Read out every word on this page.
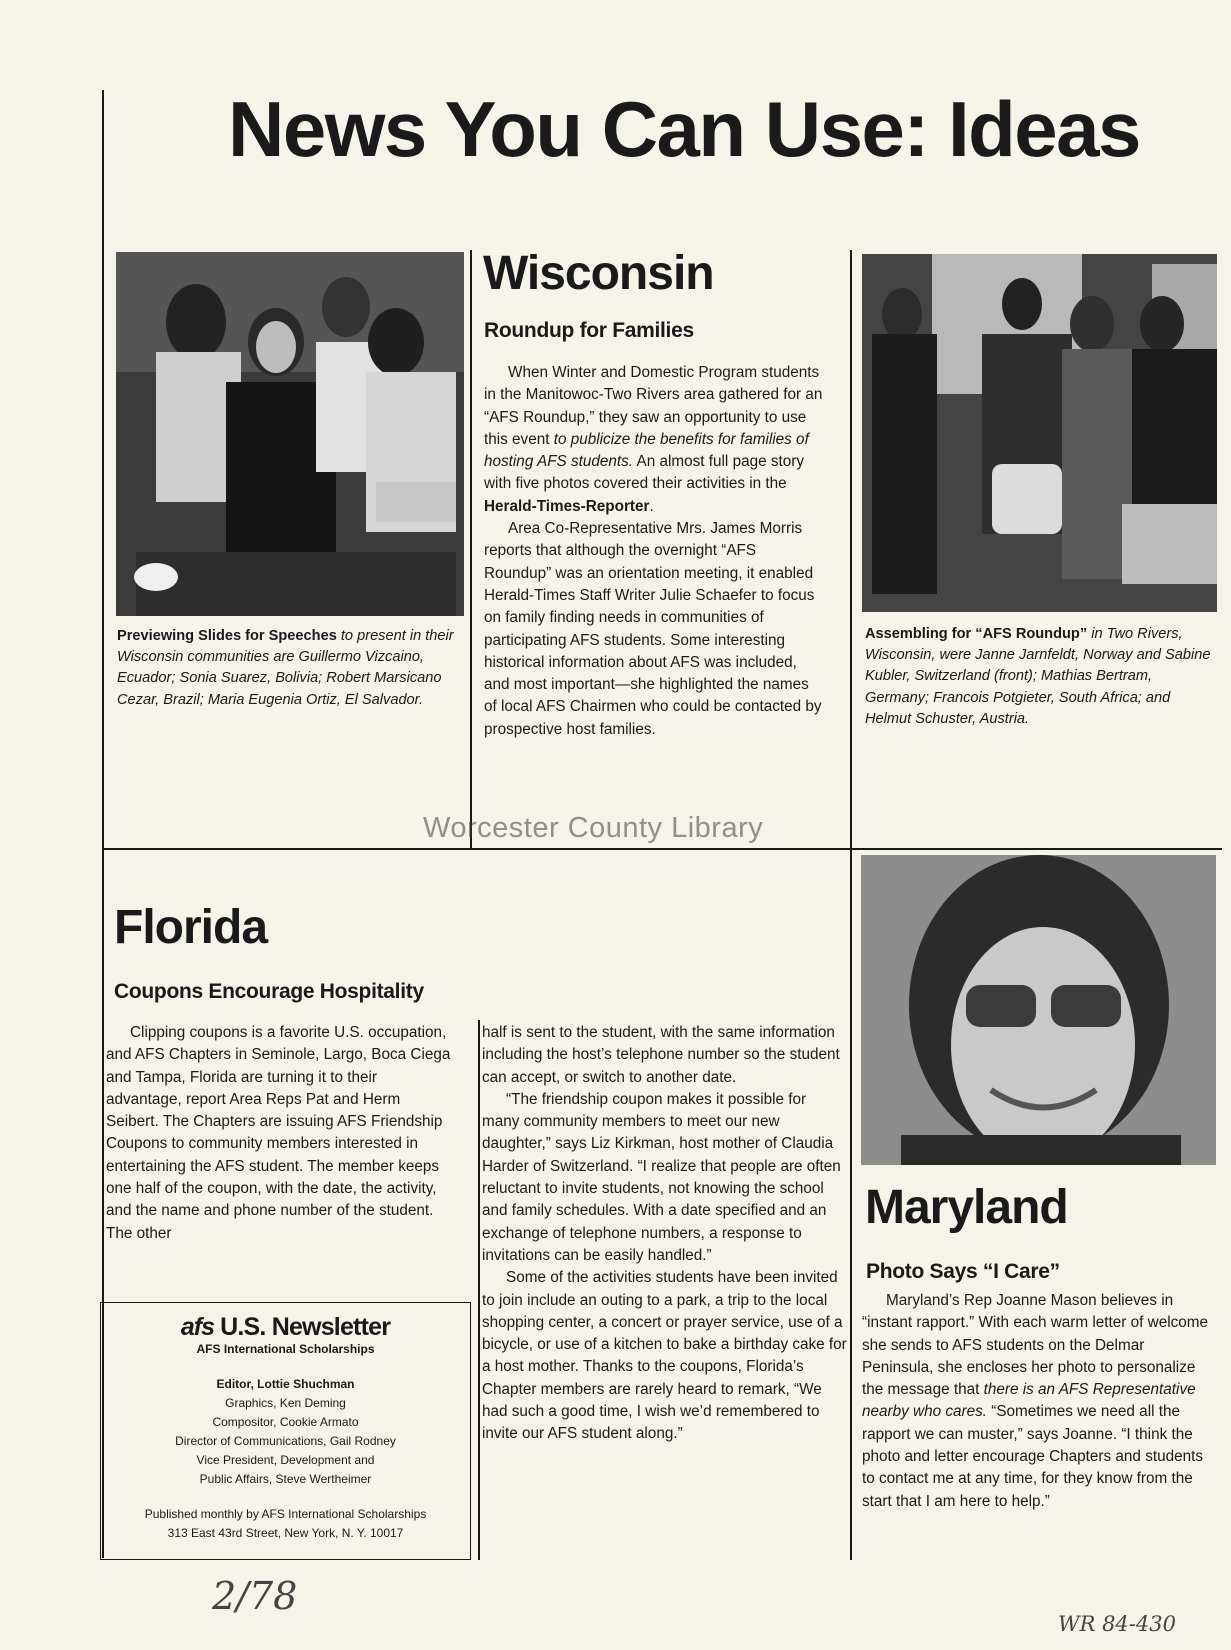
News You Can Use: Ideas
Previewing Slides for Speeches to present in their Wisconsin communities are Guillermo Vizcaino, Ecuador; Sonia Suarez, Bolivia; Robert Marsicano Cezar, Brazil; Maria Eugenia Ortiz, El Salvador.
Wisconsin
Roundup for Families

When Winter and Domestic Program students in the Manitowoc-Two Rivers area gathered for an “AFS Roundup,” they saw an opportunity to use this event to publicize the benefits for families of hosting AFS students. An almost full page story with five photos covered their activities in the Herald-Times-Reporter.

Area Co-Representative Mrs. James Morris reports that although the overnight “AFS Roundup” was an orientation meeting, it enabled Herald-Times Staff Writer Julie Schaefer to focus on family finding needs in communities of participating AFS students. Some interesting historical information about AFS was included, and most important—she highlighted the names of local AFS Chairmen who could be contacted by prospective host families.

Assembling for “AFS Roundup” in Two Rivers, Wisconsin, were Janne Jarnfeldt, Norway and Sabine Kubler, Switzerland (front); Mathias Bertram, Germany; Francois Potgieter, South Africa; and Helmut Schuster, Austria.
Florida
Coupons Encourage Hospitality

Clipping coupons is a favorite U.S. occupation, and AFS Chapters in Seminole, Largo, Boca Ciega and Tampa, Florida are turning it to their advantage, report Area Reps Pat and Herm Seibert. The Chapters are issuing AFS Friendship Coupons to community members interested in entertaining the AFS student. The member keeps one half of the coupon, with the date, the activity, and the name and phone number of the student. The other

half is sent to the student, with the same information including the host’s telephone number so the student can accept, or switch to another date.

“The friendship coupon makes it possible for many community members to meet our new daughter,” says Liz Kirkman, host mother of Claudia Harder of Switzerland. “I realize that people are often reluctant to invite students, not knowing the school and family schedules. With a date specified and an exchange of telephone numbers, a response to invitations can be easily handled.”

Some of the activities students have been invited to join include an outing to a park, a trip to the local shopping center, a concert or prayer service, use of a bicycle, or use of a kitchen to bake a birthday cake for a host mother. Thanks to the coupons, Florida’s Chapter members are rarely heard to remark, “We had such a good time, I wish we’d remembered to invite our AFS student along.”

afs U.S. Newsletter
AFS International Scholarships
Editor, Lottie Shuchman
Graphics, Ken Deming
Compositor, Cookie Armato
Director of Communications, Gail Rodney
Vice President, Development and
Public Affairs, Steve Wertheimer
Published monthly by AFS International Scholarships
313 East 43rd Street, New York, N. Y. 10017
Maryland
Photo Says “I Care”

Maryland’s Rep Joanne Mason believes in “instant rapport.” With each warm letter of welcome she sends to AFS students on the Delmar Peninsula, she encloses her photo to personalize the message that there is an AFS Representative nearby who cares. “Sometimes we need all the rapport we can muster,” says Joanne. “I think the photo and letter encourage Chapters and students to contact me at any time, for they know from the start that I am here to help.”

Worcester County Library
2/78
WR 84-430
